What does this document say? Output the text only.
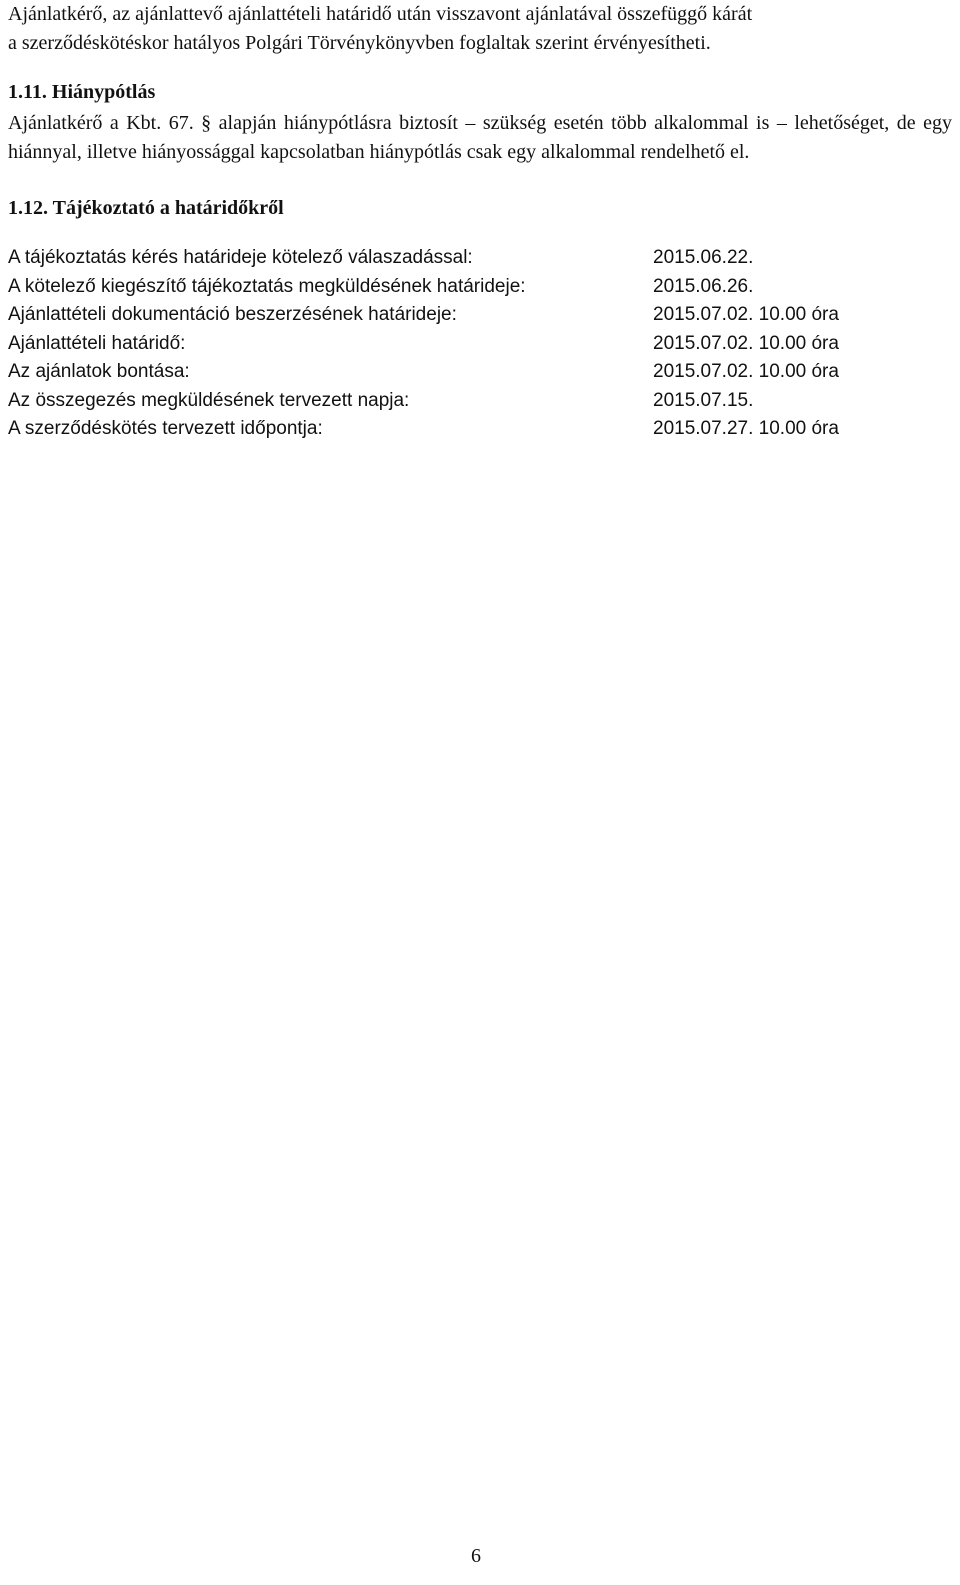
Ajánlatkérő, az ajánlattevő ajánlattételi határidő után visszavont ajánlatával összefüggő kárát
a szerződéskötéskor hatályos Polgári Törvénykönyvben foglaltak szerint érvényesítheti.

1.11. Hiánypótlás

Ajánlatkérő a Kbt. 67. § alapján hiánypótlásra biztosít – szükség esetén több alkalommal is – lehetőséget, de egy hiánnyal, illetve hiányossággal kapcsolatban hiánypótlás csak egy alkalommal rendelhető el.

1.12. Tájékoztató a határidőkről
A tájékoztatás kérés határideje kötelező válaszadással:	2015.06.22.
A kötelező kiegészítő tájékoztatás megküldésének határideje:	2015.06.26.
Ajánlattételi dokumentáció beszerzésének határideje:	2015.07.02. 10.00 óra
Ajánlattételi határidő:	2015.07.02. 10.00 óra
Az ajánlatok bontása:	2015.07.02. 10.00 óra
Az összegezés megküldésének tervezett napja:	2015.07.15.
A szerződéskötés tervezett időpontja:	2015.07.27. 10.00 óra
6
